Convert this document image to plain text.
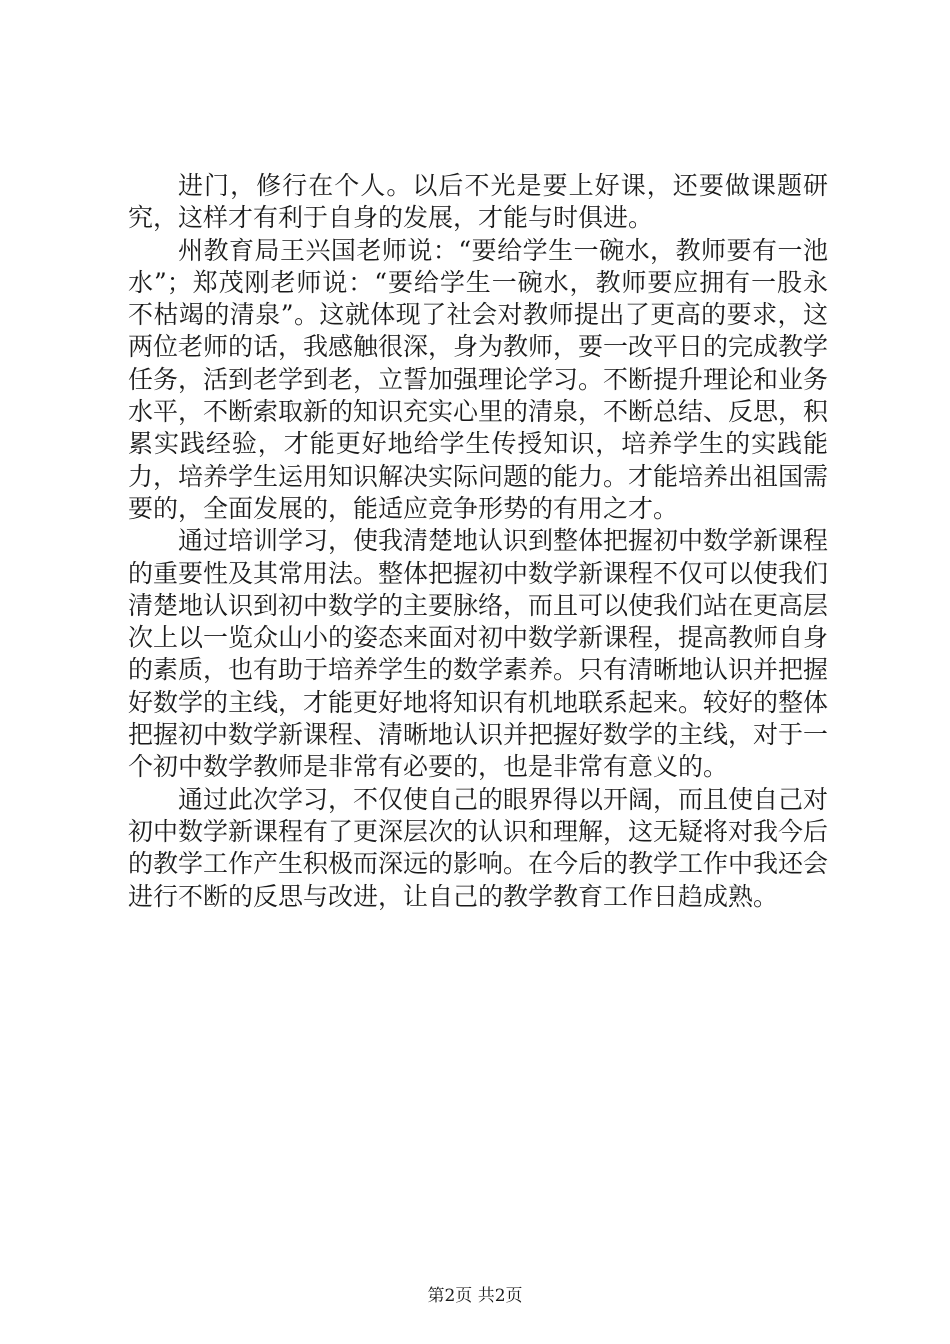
进门，修行在个人。以后不光是要上好课，还要做课题研究，这样才有利于自身的发展，才能与时俱进。

州教育局王兴国老师说：“要给学生一碗水，教师要有一池水”；郑茂刚老师说：“要给学生一碗水，教师要应拥有一股永不枯竭的清泉”。这就体现了社会对教师提出了更高的要求，这两位老师的话，我感触很深，身为教师，要一改平日的完成教学任务，活到老学到老，立誓加强理论学习。不断提升理论和业务水平，不断索取新的知识充实心里的清泉，不断总结、反思，积累实践经验，才能更好地给学生传授知识，培养学生的实践能力，培养学生运用知识解决实际问题的能力。才能培养出祖国需要的，全面发展的，能适应竞争形势的有用之才。

通过培训学习，使我清楚地认识到整体把握初中数学新课程的重要性及其常用法。整体把握初中数学新课程不仅可以使我们清楚地认识到初中数学的主要脉络，而且可以使我们站在更高层次上以一览众山小的姿态来面对初中数学新课程，提高教师自身的素质，也有助于培养学生的数学素养。只有清晰地认识并把握好数学的主线，才能更好地将知识有机地联系起来。较好的整体把握初中数学新课程、清晰地认识并把握好数学的主线，对于一个初中数学教师是非常有必要的，也是非常有意义的。

通过此次学习，不仅使自己的眼界得以开阔，而且使自己对初中数学新课程有了更深层次的认识和理解，这无疑将对我今后的教学工作产生积极而深远的影响。在今后的教学工作中我还会进行不断的反思与改进，让自己的教学教育工作日趋成熟。

第2页 共2页
